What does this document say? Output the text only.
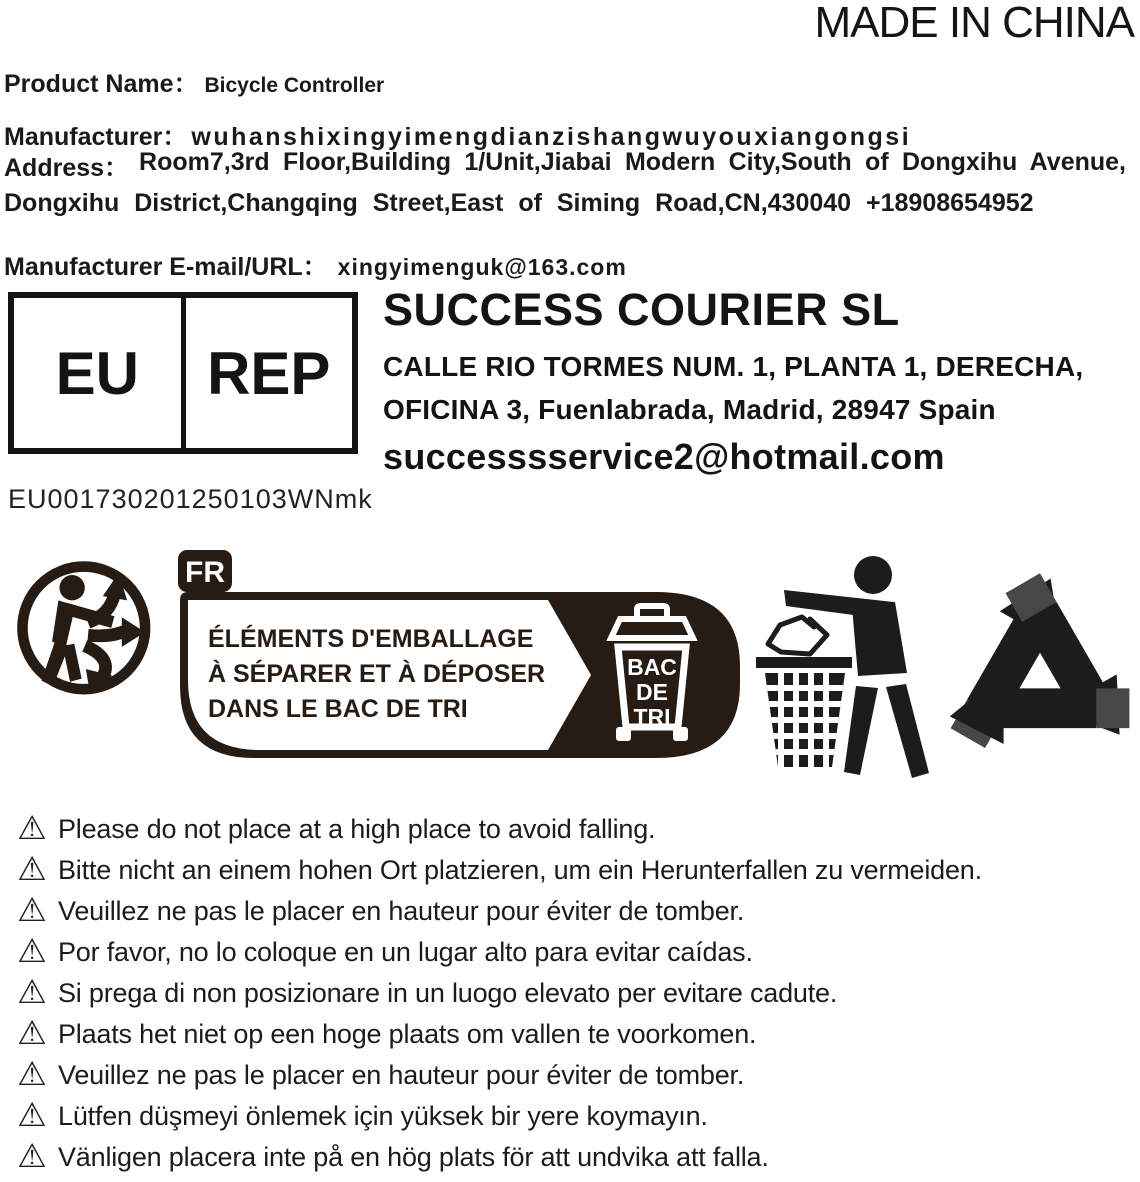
MADE IN CHINA

Product Name： Bicycle Controller

Manufacturer： wuhanshixingyimengdianzishangwuyouxiangongsi

Address： Room7,3rd Floor,Building 1/Unit,Jiabai Modern City,South of Dongxihu Avenue,
Dongxihu District,Changqing Street,East of Siming Road,CN,430040 +18908654952

Manufacturer E-mail/URL： xingyimenguk@163.com

EU	REP

SUCCESS COURIER SL

CALLE RIO TORMES NUM. 1, PLANTA 1, DERECHA,

OFICINA 3, Fuenlabrada, Madrid, 28947 Spain

successsservice2@hotmail.com

EU001730201250103WNmk
FR
ÉLÉMENTS D'EMBALLAGE
À SÉPARER ET À DÉPOSER
DANS LE BAC DE TRI
BAC
DE
TRI
⚠ Please do not place at a high place to avoid falling.
⚠ Bitte nicht an einem hohen Ort platzieren, um ein Herunterfallen zu vermeiden.
⚠ Veuillez ne pas le placer en hauteur pour éviter de tomber.
⚠ Por favor, no lo coloque en un lugar alto para evitar caídas.
⚠ Si prega di non posizionare in un luogo elevato per evitare cadute.
⚠ Plaats het niet op een hoge plaats om vallen te voorkomen.
⚠ Veuillez ne pas le placer en hauteur pour éviter de tomber.
⚠ Lütfen düşmeyi önlemek için yüksek bir yere koymayın.
⚠ Vänligen placera inte på en hög plats för att undvika att falla.
